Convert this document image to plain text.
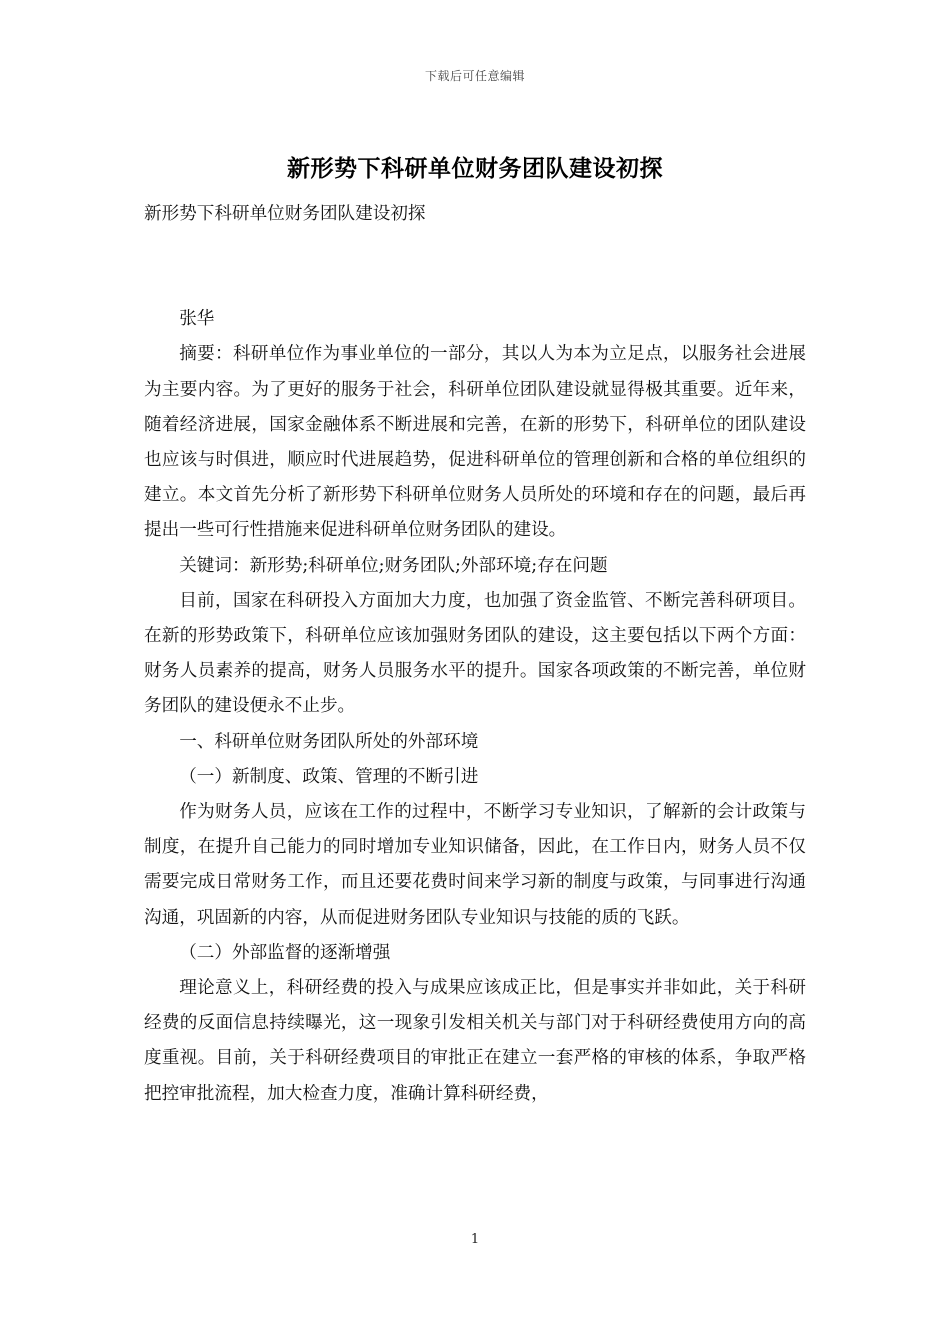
下载后可任意编辑
新形势下科研单位财务团队建设初探

新形势下科研单位财务团队建设初探

张华

摘要：科研单位作为事业单位的一部分，其以人为本为立足点，以服务社会进展为主要内容。为了更好的服务于社会，科研单位团队建设就显得极其重要。近年来，随着经济进展，国家金融体系不断进展和完善，在新的形势下，科研单位的团队建设也应该与时俱进，顺应时代进展趋势，促进科研单位的管理创新和合格的单位组织的建立。本文首先分析了新形势下科研单位财务人员所处的环境和存在的问题，最后再提出一些可行性措施来促进科研单位财务团队的建设。

关键词：新形势;科研单位;财务团队;外部环境;存在问题

目前，国家在科研投入方面加大力度，也加强了资金监管、不断完善科研项目。在新的形势政策下，科研单位应该加强财务团队的建设，这主要包括以下两个方面：财务人员素养的提高，财务人员服务水平的提升。国家各项政策的不断完善，单位财务团队的建设便永不止步。

一、科研单位财务团队所处的外部环境

（一）新制度、政策、管理的不断引进

作为财务人员，应该在工作的过程中，不断学习专业知识，了解新的会计政策与制度，在提升自己能力的同时增加专业知识储备，因此，在工作日内，财务人员不仅需要完成日常财务工作，而且还要花费时间来学习新的制度与政策，与同事进行沟通沟通，巩固新的内容，从而促进财务团队专业知识与技能的质的飞跃。

（二）外部监督的逐渐增强

理论意义上，科研经费的投入与成果应该成正比，但是事实并非如此，关于科研经费的反面信息持续曝光，这一现象引发相关机关与部门对于科研经费使用方向的高度重视。目前，关于科研经费项目的审批正在建立一套严格的审核的体系，争取严格把控审批流程，加大检查力度，准确计算科研经费，

1
